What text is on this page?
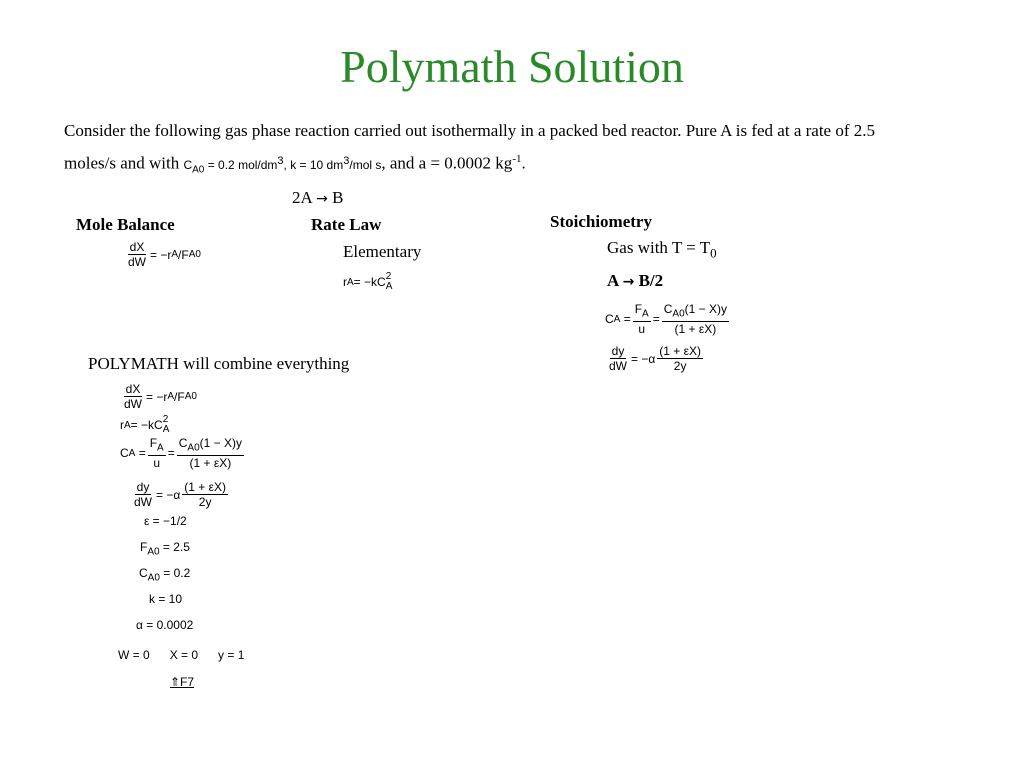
Polymath Solution
Consider the following gas phase reaction carried out isothermally in a packed bed reactor. Pure A is fed at a rate of 2.5
moles/s and with $C_{A0} = 0.2$ mol/dm3, k = 10 dm3/mol s, and a = 0.0002 $kg^{-1}$.
2A → B
Mole Balance
$\frac{dX}{dW} = -r$ A /F A0
Rate Law
Elementary
r A = −kC 2
A
Stoichiometry
Gas with $T = T_0$
A → B/2
C A
= $\frac{F_A}{u} = \frac{C_{A0}(1 - X)y}{(1 + \varepsilon X)}$
$\frac{dy}{dW} = -\alpha \frac{(1 + \varepsilon X)}{2y}$
POLYMATH will combine everything
$\frac{dX}{dW} = -r$ A /F A0
r A = −kC 2
A
C A
= $\frac{F_A}{u} = \frac{C_{A0}(1 - X)y}{(1 + \varepsilon X)}$
$\frac{dy}{dW} = -\alpha \frac{(1 + \varepsilon X)}{2y}$
ε = −1/2
$F_{A0} = 2.5$
$C_{A0} = 0.2$
k = 10
α = 0.0002
W = 0 X = 0 y = 1
⇑F7
